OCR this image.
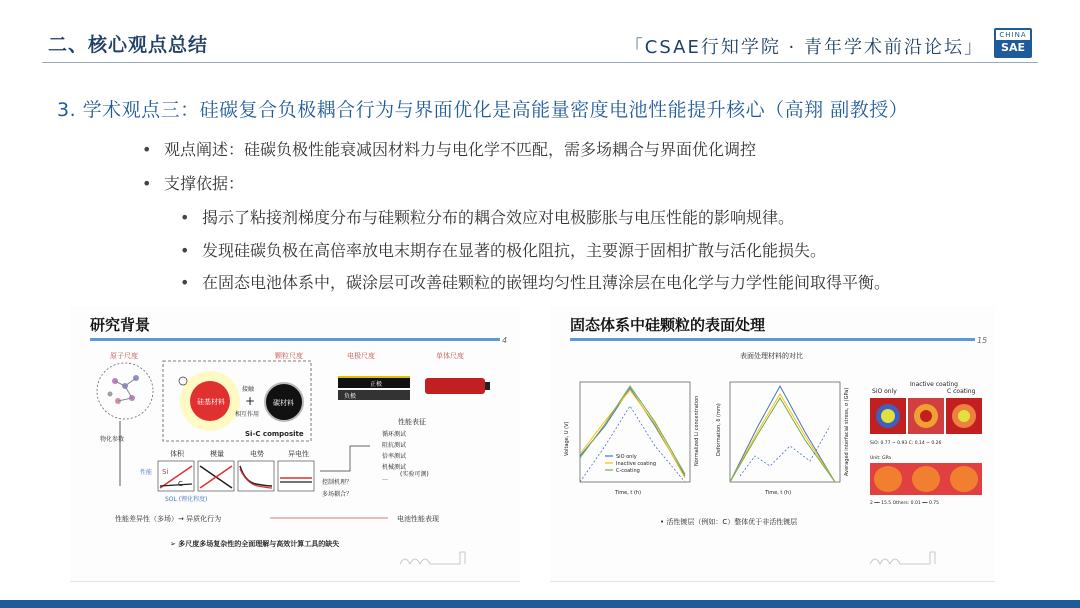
二、核心观点总结	「CSAE行知学院 · 青年学术前沿论坛」
CHINA
SAE
3. 学术观点三：硅碳复合负极耦合行为与界面优化是高能量密度电池性能提升核心（高翔 副教授）
• 观点阐述：硅碳负极性能衰减因材料力与电化学不匹配，需多场耦合与界面优化调控
• 支撑依据：
• 揭示了粘接剂梯度分布与硅颗粒分布的耦合效应对电极膨胀与电压性能的影响规律。
• 发现硅碳负极在高倍率放电末期存在显著的极化阻抗，主要源于固相扩散与活化能损失。
• 在固态电池体系中，碳涂层可改善硅颗粒的嵌锂均匀性且薄涂层在电化学与力学性能间取得平衡。
原子尺度	颗粒尺度	电极尺度	单体尺度
硅基材料
接触
+
相互作用
碳材料
Si-C composite
正极
负极
物化参数
性能
体积	模量	电势	异电性
Si
C
SOL (锂化程度)
性能表征
循环测试
阻抗测试
倍率测试
机械测试
…
(实验可测)
控制机理？
多场耦合？
性能差异性（多场）→ 异质化行为	电池性能表现
➢ 多尺度多场复杂性的全面理解与高效计算工具的缺失
研究背景
4
表面处理材料的对比
Voltage, U (V)	Normalized Li concentration
Time, t (h)
SiO only
Inactive coating
C-coating
Deformation, δ (mm)	Averaged interfacial stress, σ (GPa)
Time, t (h)
SiO only
Inactive coating
C coating
SiO: 0.77 ~ 0.93 C: 0.14 ~ 0.26
Unit: GPa
2 ━━ 15.5 Others: 0.01 ━━ 0.75
• 活性镀层（例如：C）整体优于非活性镀层
固态体系中硅颗粒的表面处理
15
